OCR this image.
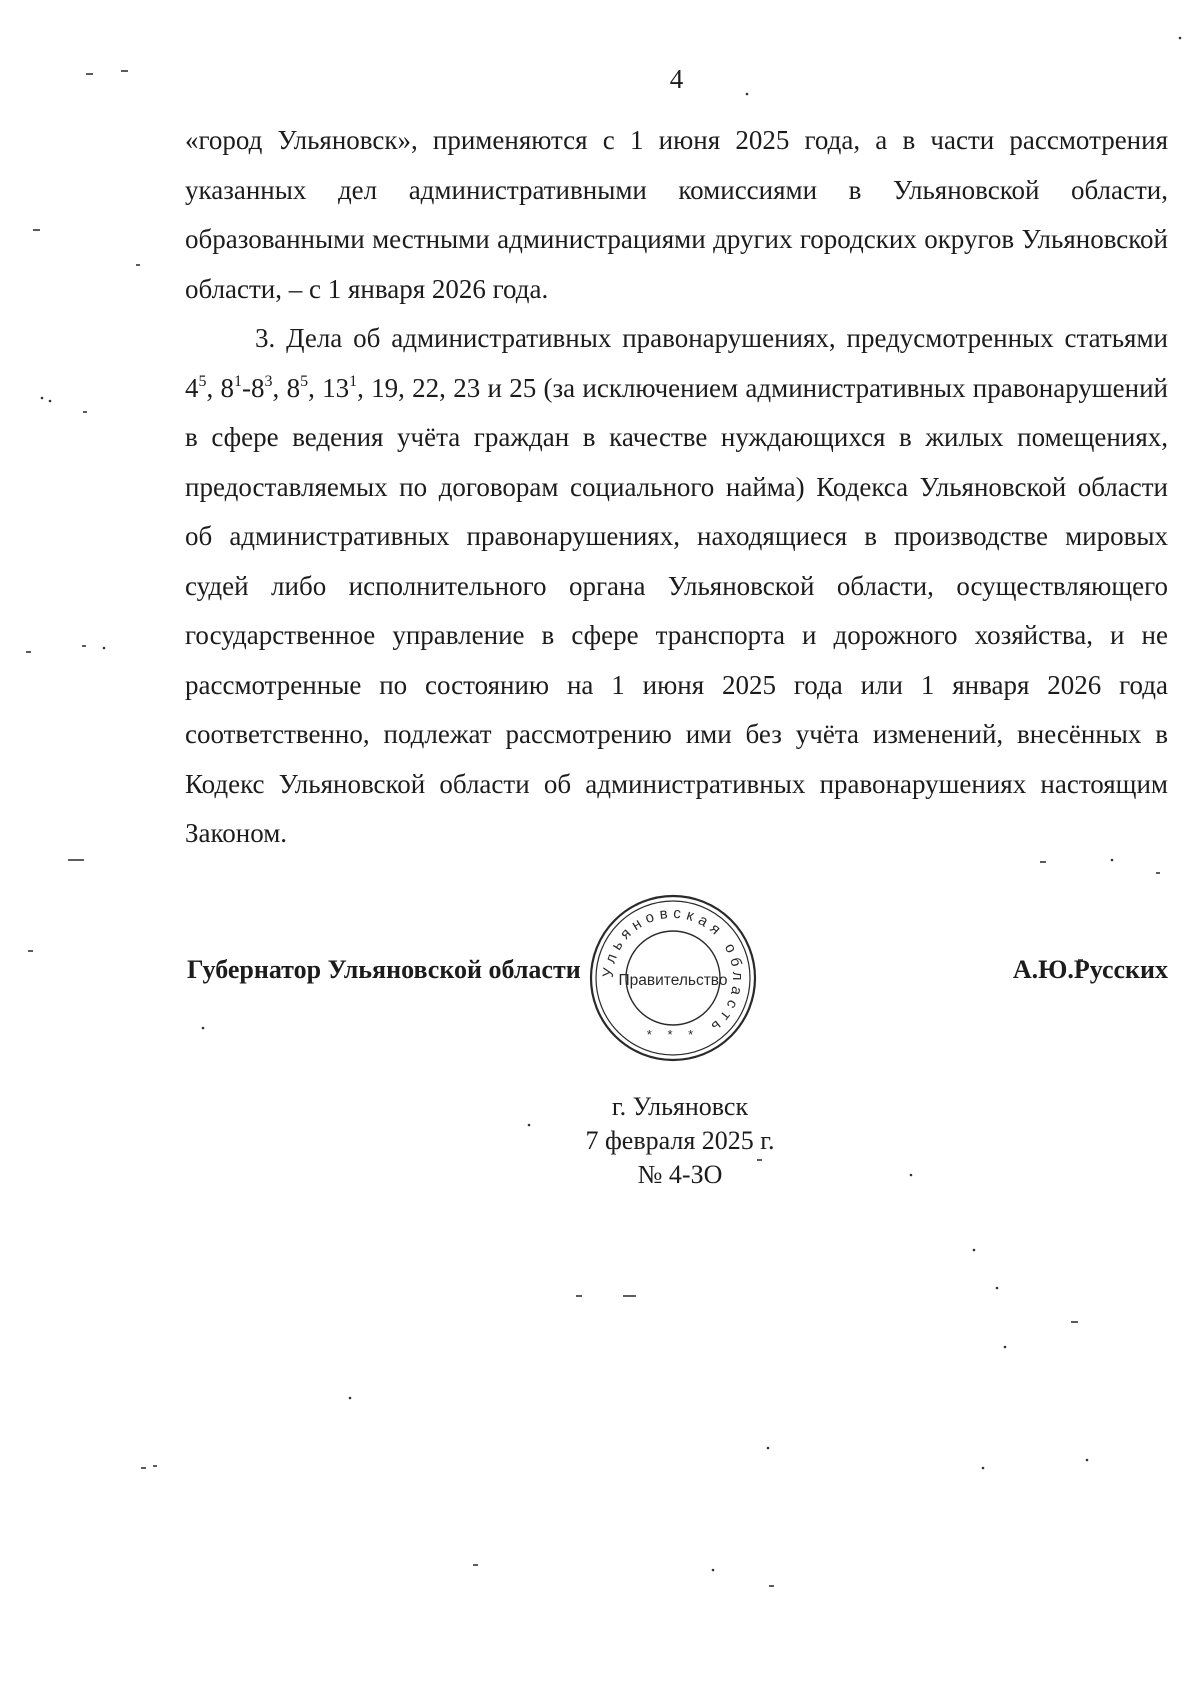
4

«город Ульяновск», применяются с 1 июня 2025 года, а в части рассмотрения указанных дел административными комиссиями в Ульяновской области, образованными местными администрациями других городских округов Ульяновской области, – с 1 января 2026 года.

3. Дела об административных правонарушениях, предусмотренных статьями $4^5$, $8^1-8^3$, $8^5$, $13^1$, 19, 22, 23 и 25 (за исключением административных правонарушений в сфере ведения учёта граждан в качестве нуждающихся в жилых помещениях, предоставляемых по договорам социального найма) Кодекса Ульяновской области об административных правонарушениях, находящиеся в производстве мировых судей либо исполнительного органа Ульяновской области, осуществляющего государственное управление в сфере транспорта и дорожного хозяйства, и не рассмотренные по состоянию на 1 июня 2025 года или 1 января 2026 года соответственно, подлежат рассмотрению ими без учёта изменений, внесённых в Кодекс Ульяновской области об административных правонарушениях настоящим Законом.

Губернатор Ульяновской области	А.Ю.Русских
Ульяновская область
Правительство
* * *
г. Ульяновск
7 февраля 2025 г.
№ 4-ЗО
